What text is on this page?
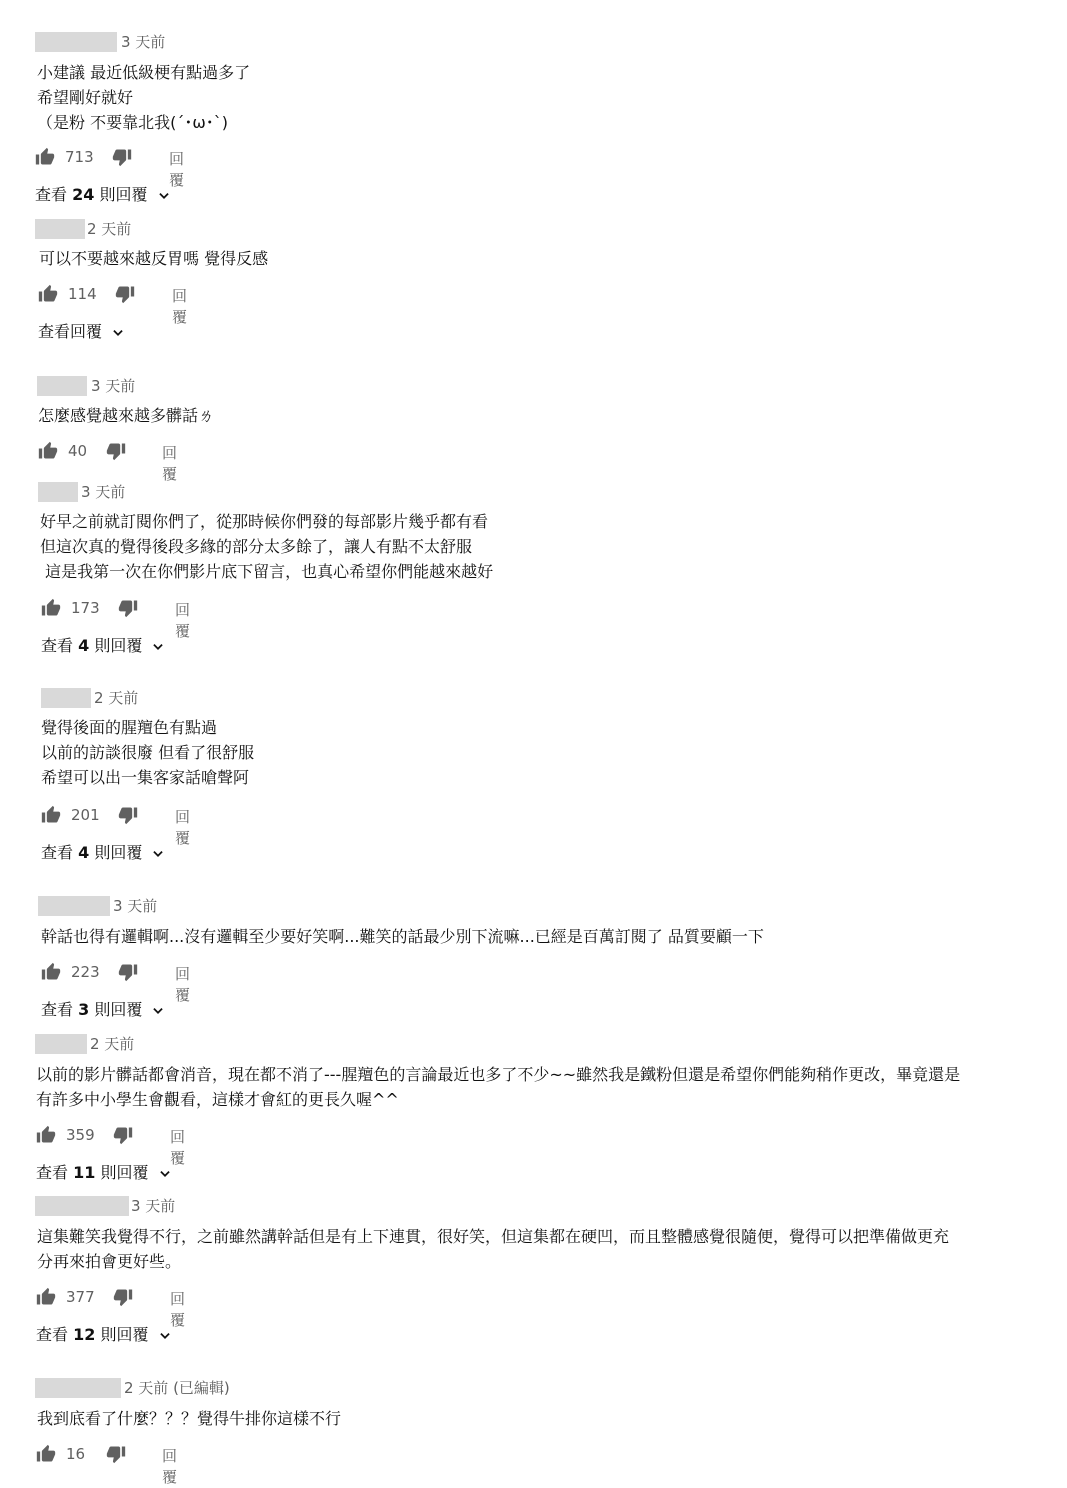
3 天前
小建議 最近低級梗有點過多了
希望剛好就好
（是粉 不要靠北我(´･ω･`)
713	回覆
查看 24 則回覆
2 天前
可以不要越來越反胃嗎 覺得反感
114	回覆
查看回覆
3 天前
怎麼感覺越來越多髒話ㄌ
40	回覆
3 天前
好早之前就訂閱你們了，從那時候你們發的每部影片幾乎都有看
但這次真的覺得後段多緣的部分太多餘了，讓人有點不太舒服
這是我第一次在你們影片底下留言，也真心希望你們能越來越好
173	回覆
查看 4 則回覆
2 天前
覺得後面的腥羶色有點過
以前的訪談很廢 但看了很舒服
希望可以出一集客家話嗆聲阿
201	回覆
查看 4 則回覆
3 天前
幹話也得有邏輯啊...沒有邏輯至少要好笑啊...難笑的話最少別下流嘛...已經是百萬訂閱了 品質要顧一下
223	回覆
查看 3 則回覆
2 天前
以前的影片髒話都會消音，現在都不消了---腥羶色的言論最近也多了不少~~雖然我是鐵粉但還是希望你們能夠稍作更改，畢竟還是
有許多中小學生會觀看，這樣才會紅的更長久喔^^
359	回覆
查看 11 則回覆
3 天前
這集難笑我覺得不行，之前雖然講幹話但是有上下連貫，很好笑，但這集都在硬凹，而且整體感覺很隨便，覺得可以把準備做更充
分再來拍會更好些。
377	回覆
查看 12 則回覆
2 天前 (已編輯)
我到底看了什麼？？？覺得牛排你這樣不行
16	回覆
